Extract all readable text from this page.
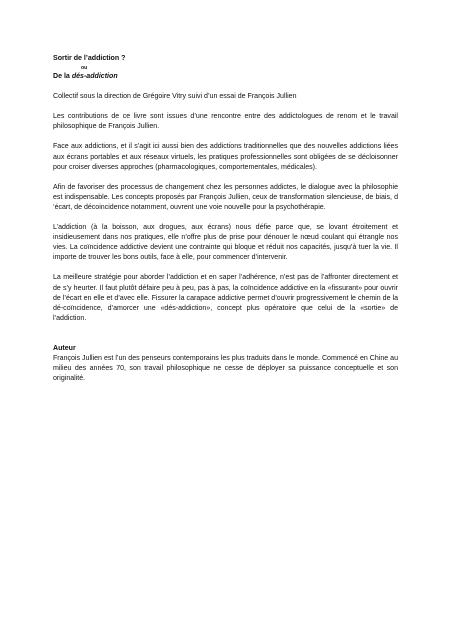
Sortir de l’addiction ?
ou
De la dés-addiction

Collectif sous la direction de Grégoire Vitry suivi d’un essai de François Jullien

Les contributions de ce livre sont issues d’une rencontre entre des addictologues de renom et le travail philosophique de François Jullien.

Face aux addictions, et il s’agit ici aussi bien des addictions traditionnelles que des nouvelles addictions liées aux écrans portables et aux réseaux virtuels, les pratiques professionnelles sont obligées de se décloisonner pour croiser diverses approches (pharmacologiques, comportementales, médicales).

Afin de favoriser des processus de changement chez les personnes addictes, le dialogue avec la philosophie est indispensable. Les concepts proposés par François Jullien, ceux de transformation silencieuse, de biais, d ‘écart, de décoincidence notamment, ouvrent une voie nouvelle pour la psychothérapie.

L’addiction (à la boisson, aux drogues, aux écrans) nous défie parce que, se lovant étroitement et insidieusement dans nos pratiques, elle n’offre plus de prise pour dénouer le nœud coulant qui étrangle nos vies. La coïncidence addictive devient une contrainte qui bloque et réduit nos capacités, jusqu’à tuer la vie. Il importe de trouver les bons outils, face à elle, pour commencer d’intervenir.

La meilleure stratégie pour aborder l’addiction et en saper l’adhérence, n’est pas de l’affronter directement et de s’y heurter. Il faut plutôt défaire peu à peu, pas à pas, la coïncidence addictive en la «fissurant» pour ouvrir de l’écart en elle et d’avec elle. Fissurer la carapace addictive permet d’ouvrir progressivement le chemin de la dé-coïncidence, d’amorcer une «dés-addiction», concept plus opératoire que celui de la «sortie» de l’addiction.

Auteur

François Jullien est l’un des penseurs contemporains les plus traduits dans le monde. Commencé en Chine au milieu des années 70, son travail philosophique ne cesse de déployer sa puissance conceptuelle et son originalité.
